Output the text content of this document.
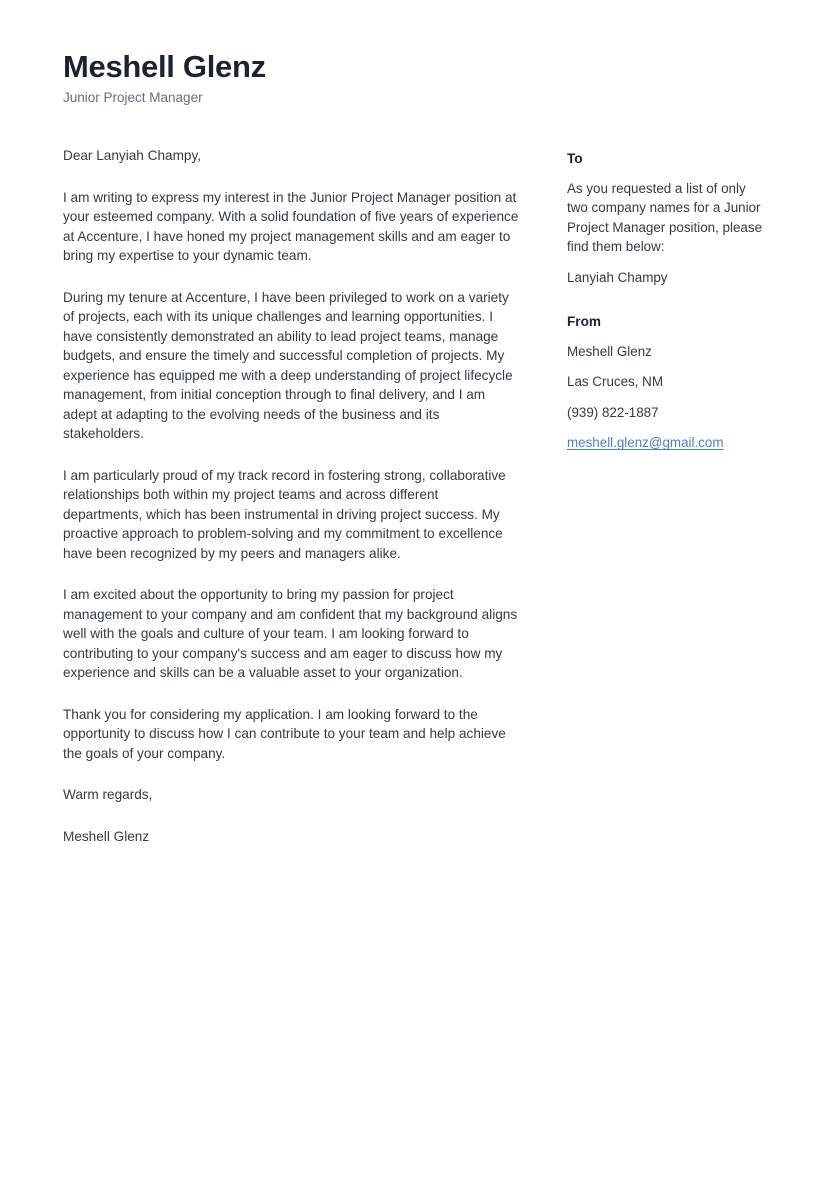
Meshell Glenz

Junior Project Manager

Dear Lanyiah Champy,

I am writing to express my interest in the Junior Project Manager position at your esteemed company. With a solid foundation of five years of experience at Accenture, I have honed my project management skills and am eager to bring my expertise to your dynamic team.

During my tenure at Accenture, I have been privileged to work on a variety of projects, each with its unique challenges and learning opportunities. I have consistently demonstrated an ability to lead project teams, manage budgets, and ensure the timely and successful completion of projects. My experience has equipped me with a deep understanding of project lifecycle management, from initial conception through to final delivery, and I am adept at adapting to the evolving needs of the business and its stakeholders.

I am particularly proud of my track record in fostering strong, collaborative relationships both within my project teams and across different departments, which has been instrumental in driving project success. My proactive approach to problem-solving and my commitment to excellence have been recognized by my peers and managers alike.

I am excited about the opportunity to bring my passion for project management to your company and am confident that my background aligns well with the goals and culture of your team. I am looking forward to contributing to your company's success and am eager to discuss how my experience and skills can be a valuable asset to your organization.

Thank you for considering my application. I am looking forward to the opportunity to discuss how I can contribute to your team and help achieve the goals of your company.

Warm regards,

Meshell Glenz

To

As you requested a list of only two company names for a Junior Project Manager position, please find them below:

Lanyiah Champy

From

Meshell Glenz

Las Cruces, NM

(939) 822-1887

meshell.glenz@gmail.com
